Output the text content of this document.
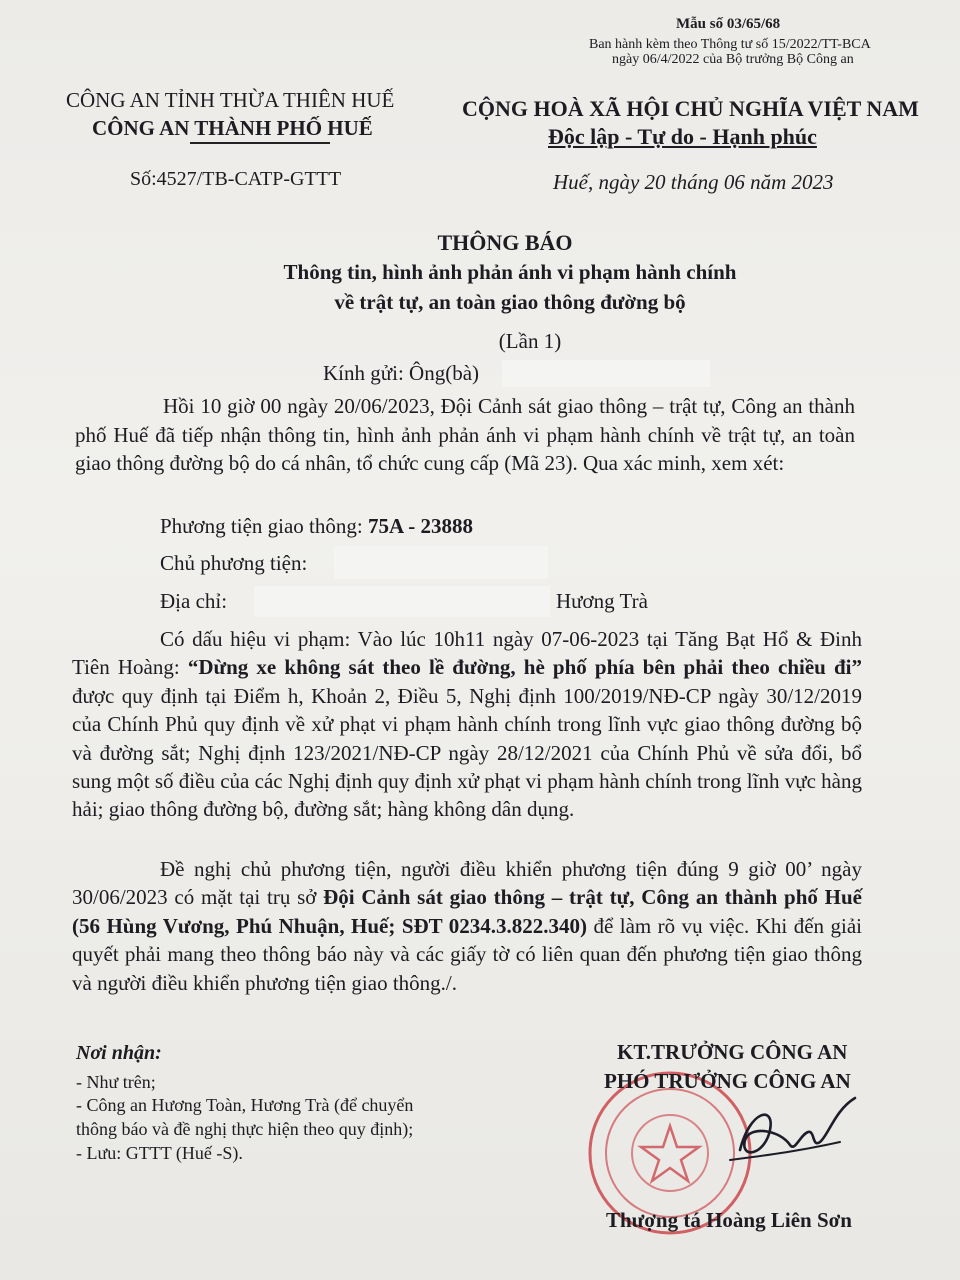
Mẫu số 03/65/68
Ban hành kèm theo Thông tư số 15/2022/TT-BCA
ngày 06/4/2022 của Bộ trưởng Bộ Công an
CÔNG AN TỈNH THỪA THIÊN HUẾ
CÔNG AN THÀNH PHỐ HUẾ
Số:4527/TB-CATP-GTTT
CỘNG HOÀ XÃ HỘI CHỦ NGHĨA VIỆT NAM
Độc lập - Tự do - Hạnh phúc
Huế, ngày 20 tháng 06 năm 2023
THÔNG BÁO
Thông tin, hình ảnh phản ánh vi phạm hành chính
về trật tự, an toàn giao thông đường bộ
(Lần 1)
Kính gửi: Ông(bà)
Hồi 10 giờ 00 ngày 20/06/2023, Đội Cảnh sát giao thông – trật tự, Công an thành phố Huế đã tiếp nhận thông tin, hình ảnh phản ánh vi phạm hành chính về trật tự, an toàn giao thông đường bộ do cá nhân, tổ chức cung cấp (Mã 23). Qua xác minh, xem xét:
Phương tiện giao thông: 75A - 23888
Chủ phương tiện:
Địa chỉ:	Hương Trà
Có dấu hiệu vi phạm: Vào lúc 10h11 ngày 07-06-2023 tại Tăng Bạt Hổ & Đinh Tiên Hoàng: “Dừng xe không sát theo lề đường, hè phố phía bên phải theo chiều đi” được quy định tại Điểm h, Khoản 2, Điều 5, Nghị định 100/2019/NĐ-CP ngày 30/12/2019 của Chính Phủ quy định về xử phạt vi phạm hành chính trong lĩnh vực giao thông đường bộ và đường sắt; Nghị định 123/2021/NĐ-CP ngày 28/12/2021 của Chính Phủ về sửa đổi, bổ sung một số điều của các Nghị định quy định xử phạt vi phạm hành chính trong lĩnh vực hàng hải; giao thông đường bộ, đường sắt; hàng không dân dụng.
Đề nghị chủ phương tiện, người điều khiển phương tiện đúng 9 giờ 00’ ngày 30/06/2023 có mặt tại trụ sở Đội Cảnh sát giao thông – trật tự, Công an thành phố Huế (56 Hùng Vương, Phú Nhuận, Huế; SĐT 0234.3.822.340) để làm rõ vụ việc. Khi đến giải quyết phải mang theo thông báo này và các giấy tờ có liên quan đến phương tiện giao thông và người điều khiển phương tiện giao thông./.
Nơi nhận:
- Như trên;
- Công an Hương Toàn, Hương Trà (để chuyển
thông báo và đề nghị thực hiện theo quy định);
- Lưu: GTTT (Huế -S).
KT.TRƯỞNG CÔNG AN
PHÓ TRƯỞNG CÔNG AN
Thượng tá Hoàng Liên Sơn
